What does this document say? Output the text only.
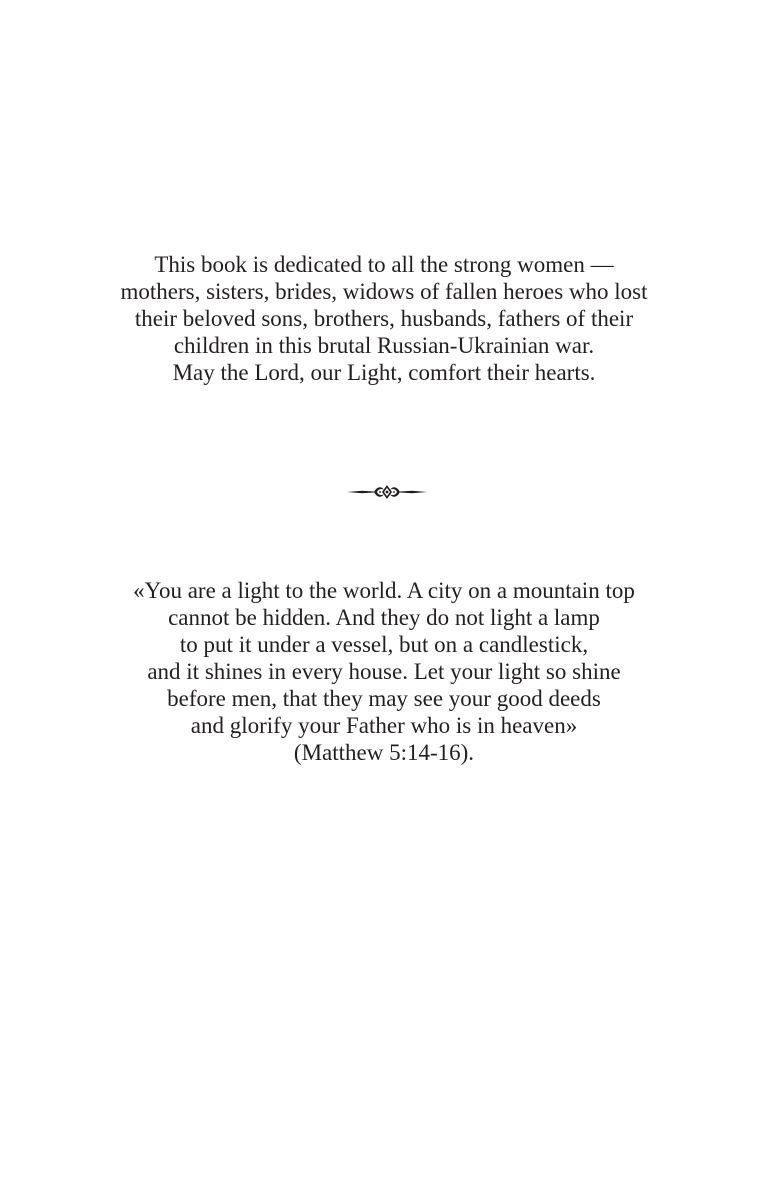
This book is dedicated to all the strong women —
mothers, sisters, brides, widows of fallen heroes who lost
their beloved sons, brothers, husbands, fathers of their
children in this brutal Russian-Ukrainian war.
May the Lord, our Light, comfort their hearts.
«You are a light to the world. A city on a mountain top
cannot be hidden. And they do not light a lamp
to put it under a vessel, but on a candlestick,
and it shines in every house. Let your light so shine
before men, that they may see your good deeds
and glorify your Father who is in heaven»
(Matthew 5:14-16).
